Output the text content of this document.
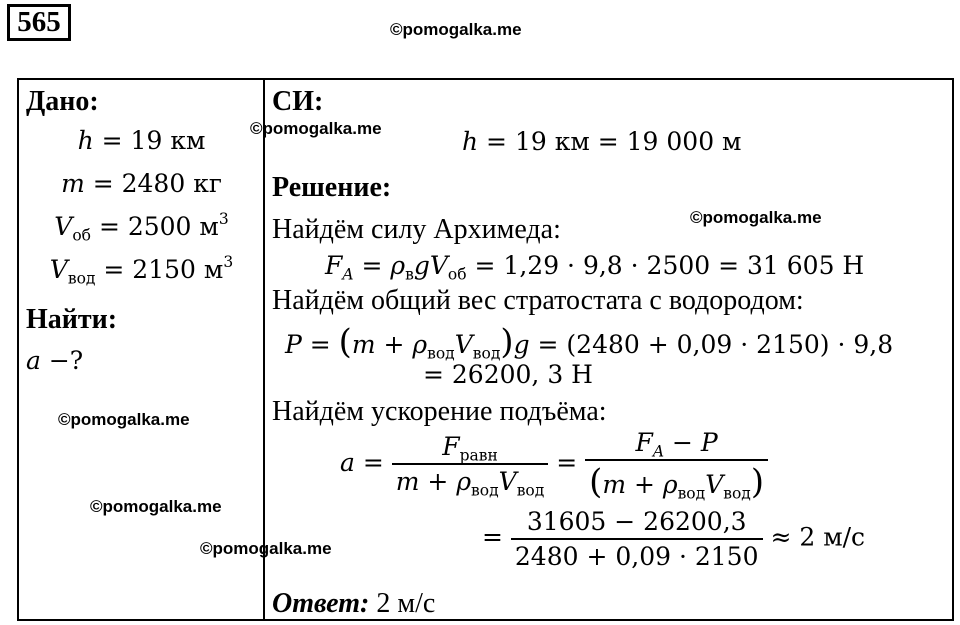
565	©pomogalka.me
Дано:
h = 19 км
m = 2480 кг
$V_{об} = 2500$ $м^3$
$V_{вод} = 2150$ $м^3$
Найти:
a −?
©pomogalka.me
©pomogalka.me
©pomogalka.me
СИ:
©pomogalka.me	h = 19 км = 19 000 м
Решение:
©pomogalka.me
Найдём силу Архимеда:
$F_A = \rho_вgV_{об} = 1,29 \cdot 9,8 \cdot 2500 = 31$ 605 Н
Найдём общий вес стратостата с водородом:
$P = (m + \rho_{вод}V_{вод})g = (2480 + 0,09 \cdot 2150) \cdot 9,8$
= 26200, 3 Н
Найдём ускорение подъёма:
$a = \frac{F_{равн}}{m + \rho_{вод}V_{вод}} = \frac{F_A - P}{(m + \rho_{вод}V_{вод})}$
= $\frac{31605 - 26200,3}{2480 + 0,09 \cdot 2150} \approx 2$ м/с
Ответ: 2 м/с
